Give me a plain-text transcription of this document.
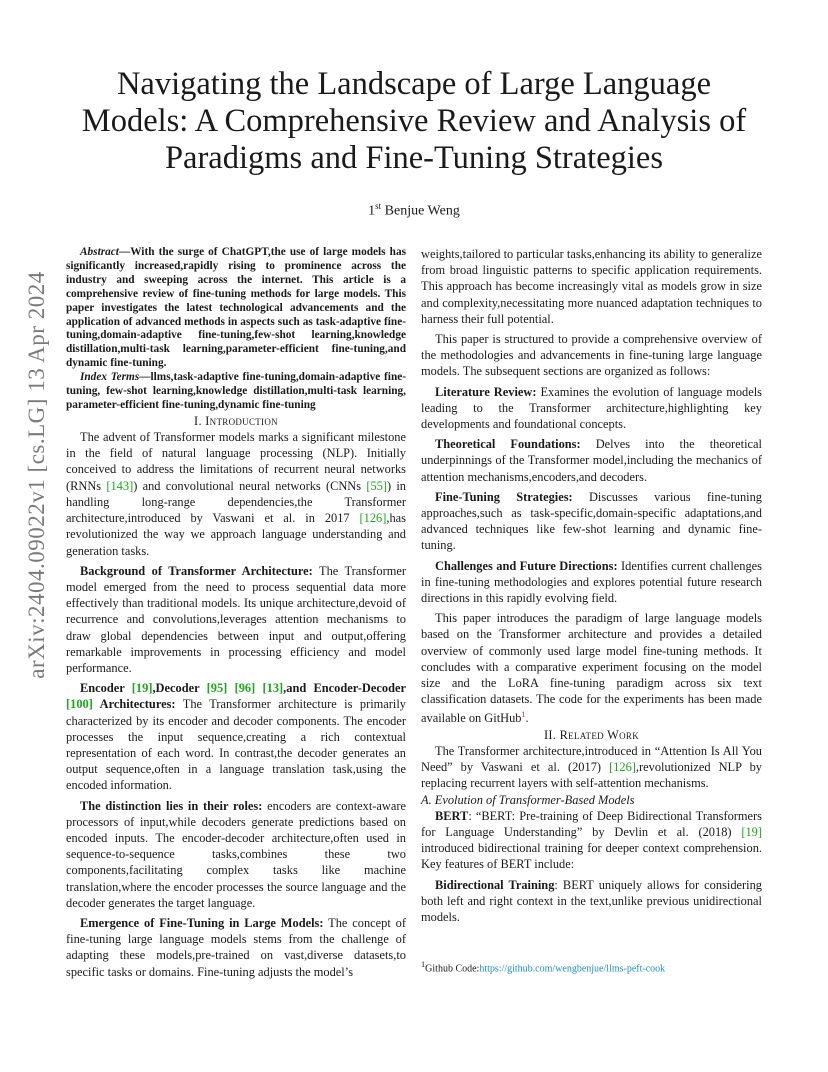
Navigating the Landscape of Large Language Models: A Comprehensive Review and Analysis of Paradigms and Fine-Tuning Strategies
1st Benjue Weng
arXiv:2404.09022v1 [cs.LG] 13 Apr 2024

Abstract—With the surge of ChatGPT,the use of large models has significantly increased,rapidly rising to prominence across the industry and sweeping across the internet. This article is a comprehensive review of fine-tuning methods for large models. This paper investigates the latest technological advancements and the application of advanced methods in aspects such as task-adaptive fine-tuning,domain-adaptive fine-tuning,few-shot learning,knowledge distillation,multi-task learning,parameter-efficient fine-tuning,and dynamic fine-tuning.

Index Terms—llms,task-adaptive fine-tuning,domain-adaptive fine-tuning, few-shot learning,knowledge distillation,multi-task learning, parameter-efficient fine-tuning,dynamic fine-tuning

I. Introduction

The advent of Transformer models marks a significant milestone in the field of natural language processing (NLP). Initially conceived to address the limitations of recurrent neural networks (RNNs [143]) and convolutional neural networks (CNNs [55]) in handling long-range dependencies,the Transformer architecture,introduced by Vaswani et al. in 2017 [126],has revolutionized the way we approach language understanding and generation tasks.

Background of Transformer Architecture: The Transformer model emerged from the need to process sequential data more effectively than traditional models. Its unique architecture,devoid of recurrence and convolutions,leverages attention mechanisms to draw global dependencies between input and output,offering remarkable improvements in processing efficiency and model performance.

Encoder [19],Decoder [95] [96] [13],and Encoder-Decoder [100] Architectures: The Transformer architecture is primarily characterized by its encoder and decoder components. The encoder processes the input sequence,creating a rich contextual representation of each word. In contrast,the decoder generates an output sequence,often in a language translation task,using the encoded information.

The distinction lies in their roles: encoders are context-aware processors of input,while decoders generate predictions based on encoded inputs. The encoder-decoder architecture,often used in sequence-to-sequence tasks,combines these two components,facilitating complex tasks like machine translation,where the encoder processes the source language and the decoder generates the target language.

Emergence of Fine-Tuning in Large Models: The concept of fine-tuning large language models stems from the challenge of adapting these models,pre-trained on vast,diverse datasets,to specific tasks or domains. Fine-tuning adjusts the model’s

weights,tailored to particular tasks,enhancing its ability to generalize from broad linguistic patterns to specific application requirements. This approach has become increasingly vital as models grow in size and complexity,necessitating more nuanced adaptation techniques to harness their full potential.

This paper is structured to provide a comprehensive overview of the methodologies and advancements in fine-tuning large language models. The subsequent sections are organized as follows:

Literature Review: Examines the evolution of language models leading to the Transformer architecture,highlighting key developments and foundational concepts.

Theoretical Foundations: Delves into the theoretical underpinnings of the Transformer model,including the mechanics of attention mechanisms,encoders,and decoders.

Fine-Tuning Strategies: Discusses various fine-tuning approaches,such as task-specific,domain-specific adaptations,and advanced techniques like few-shot learning and dynamic fine-tuning.

Challenges and Future Directions: Identifies current challenges in fine-tuning methodologies and explores potential future research directions in this rapidly evolving field.

This paper introduces the paradigm of large language models based on the Transformer architecture and provides a detailed overview of commonly used large model fine-tuning methods. It concludes with a comparative experiment focusing on the model size and the LoRA fine-tuning paradigm across six text classification datasets. The code for the experiments has been made available on GitHub$^1$.

II. Related Work

The Transformer architecture,introduced in “Attention Is All You Need” by Vaswani et al. (2017) [126],revolutionized NLP by replacing recurrent layers with self-attention mechanisms.

A. Evolution of Transformer-Based Models

BERT: “BERT: Pre-training of Deep Bidirectional Transformers for Language Understanding” by Devlin et al. (2018) [19] introduced bidirectional training for deeper context comprehension. Key features of BERT include:

Bidirectional Training: BERT uniquely allows for considering both left and right context in the text,unlike previous unidirectional models.

$^1$Github Code:https://github.com/wengbenjue/llms-peft-cook
